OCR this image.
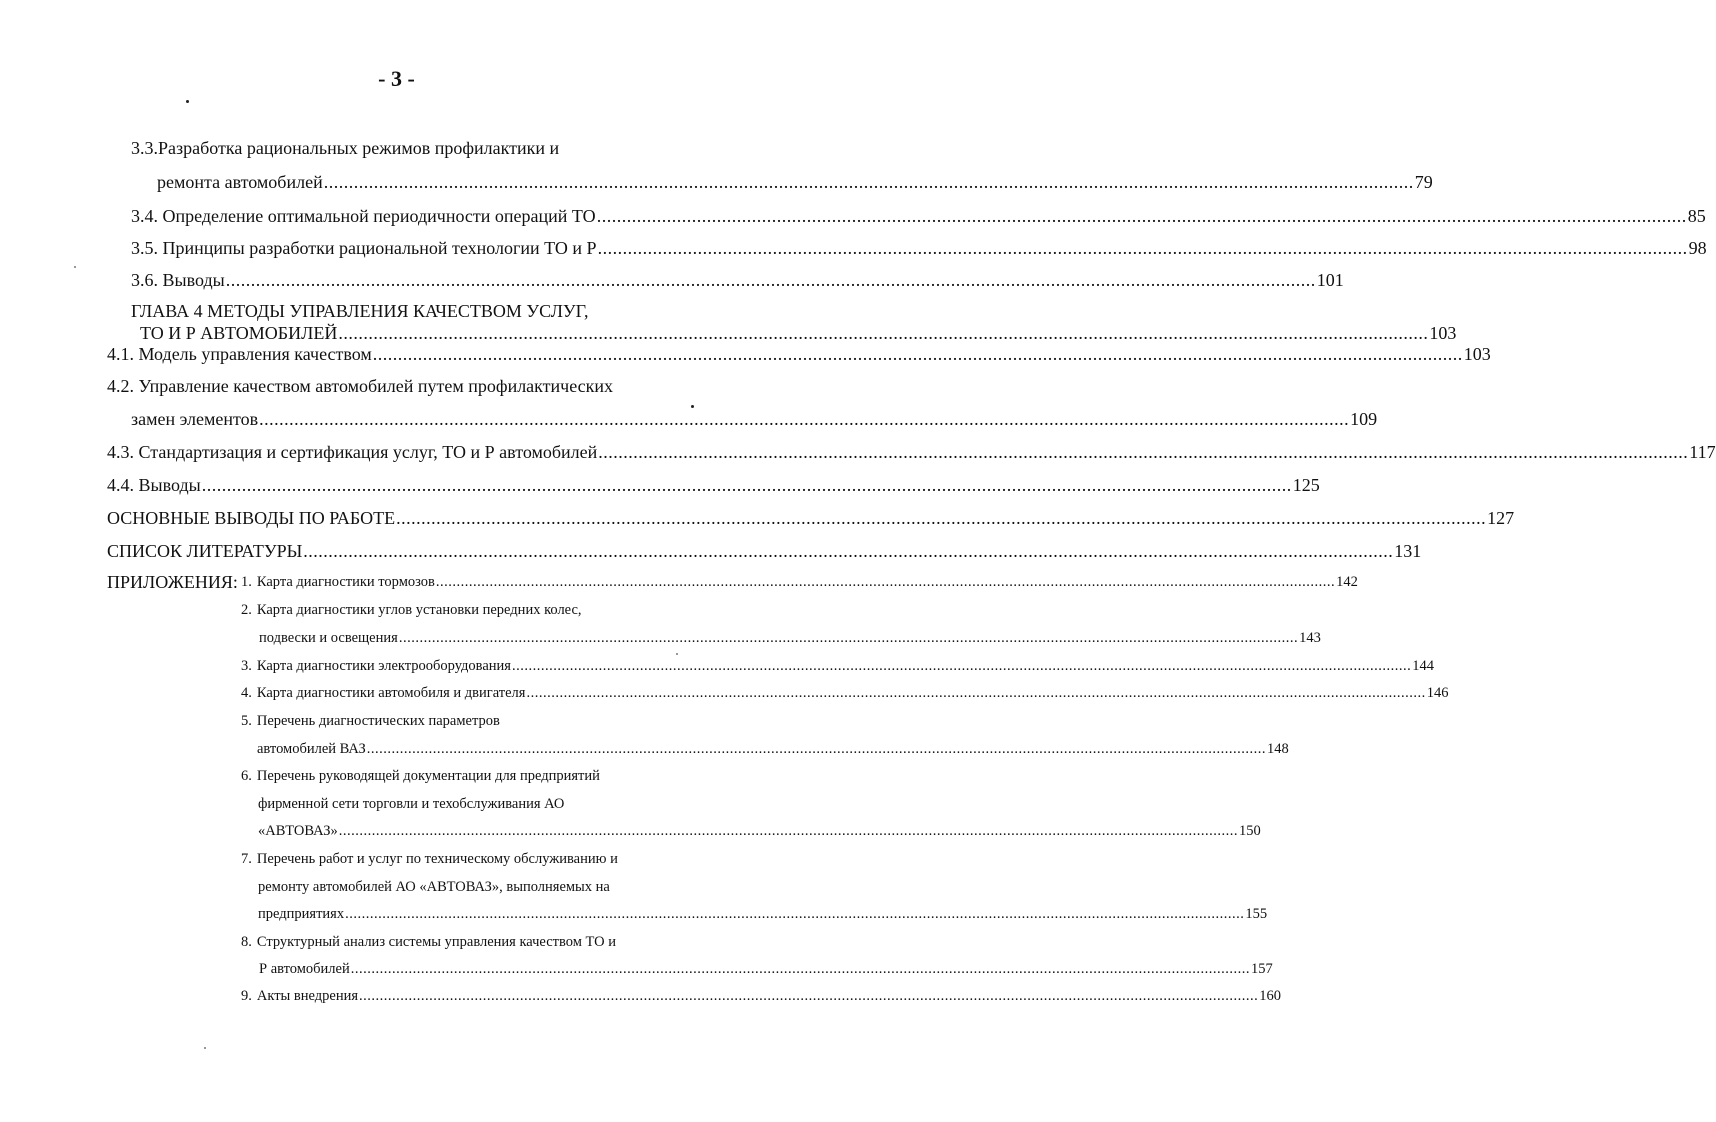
- 3 -
3.3.Разработка рациональных режимов профилактики и
ремонта автомобилей .......................................................................................................................................................................................................................... 79
3.4. Определение оптимальной периодичности операций ТО .......................................................................................................................................................................................................................... 85
3.5. Принципы разработки рациональной технологии ТО и Р .......................................................................................................................................................................................................................... 98
3.6. Выводы .......................................................................................................................................................................................................................... 101
ГЛАВА 4 МЕТОДЫ УПРАВЛЕНИЯ КАЧЕСТВОМ УСЛУГ,
ТО И Р АВТОМОБИЛЕЙ .......................................................................................................................................................................................................................... 103
4.1. Модель управления качеством .......................................................................................................................................................................................................................... 103
4.2. Управление качеством автомобилей путем профилактических
замен элементов .......................................................................................................................................................................................................................... 109
4.3. Стандартизация и сертификация услуг, ТО и Р автомобилей .......................................................................................................................................................................................................................... 117
4.4. Выводы .......................................................................................................................................................................................................................... 125
ОСНОВНЫЕ ВЫВОДЫ ПО РАБОТЕ .......................................................................................................................................................................................................................... 127
СПИСОК ЛИТЕРАТУРЫ .......................................................................................................................................................................................................................... 131
ПРИЛОЖЕНИЯ: 1. Карта диагностики тормозов .......................................................................................................................................................................................................................... 142
2. Карта диагностики углов установки передних колес,
подвески и освещения .......................................................................................................................................................................................................................... 143
3. Карта диагностики электрооборудования .......................................................................................................................................................................................................................... 144
4. Карта диагностики автомобиля и двигателя .......................................................................................................................................................................................................................... 146
5. Перечень диагностических параметров
автомобилей ВАЗ .......................................................................................................................................................................................................................... 148
6. Перечень руководящей документации для предприятий
фирменной сети торговли и техобслуживания АО
«АВТОВАЗ» .......................................................................................................................................................................................................................... 150
7. Перечень работ и услуг по техническому обслуживанию и
ремонту автомобилей АО «АВТОВАЗ», выполняемых на
предприятиях .......................................................................................................................................................................................................................... 155
8. Структурный анализ системы управления качеством ТО и
Р автомобилей .......................................................................................................................................................................................................................... 157
9. Акты внедрения .......................................................................................................................................................................................................................... 160
